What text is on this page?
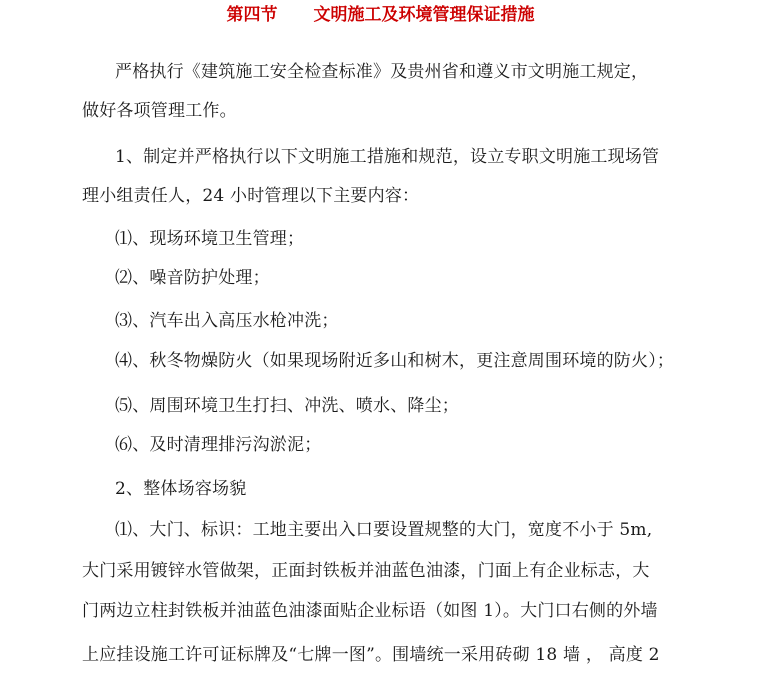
第四节 文明施工及环境管理保证措施
严格执行《建筑施工安全检查标准》及贵州省和遵义市文明施工规定，
做好各项管理工作。
1、制定并严格执行以下文明施工措施和规范，设立专职文明施工现场管
理小组责任人，24 小时管理以下主要内容：
⑴、现场环境卫生管理；
⑵、噪音防护处理；
⑶、汽车出入高压水枪冲洗；
⑷、秋冬物燥防火（如果现场附近多山和树木，更注意周围环境的防火）；
⑸、周围环境卫生打扫、冲洗、喷水、降尘；
⑹、及时清理排污沟淤泥；
2、整体场容场貌
⑴、大门、标识：工地主要出入口要设置规整的大门，宽度不小于 5m,
大门采用镀锌水管做架，正面封铁板并油蓝色油漆，门面上有企业标志，大
门两边立柱封铁板并油蓝色油漆面贴企业标语（如图 1）。大门口右侧的外墙
上应挂设施工许可证标牌及“七牌一图”。围墙统一采用砖砌 18 墙 ， 高度 2
